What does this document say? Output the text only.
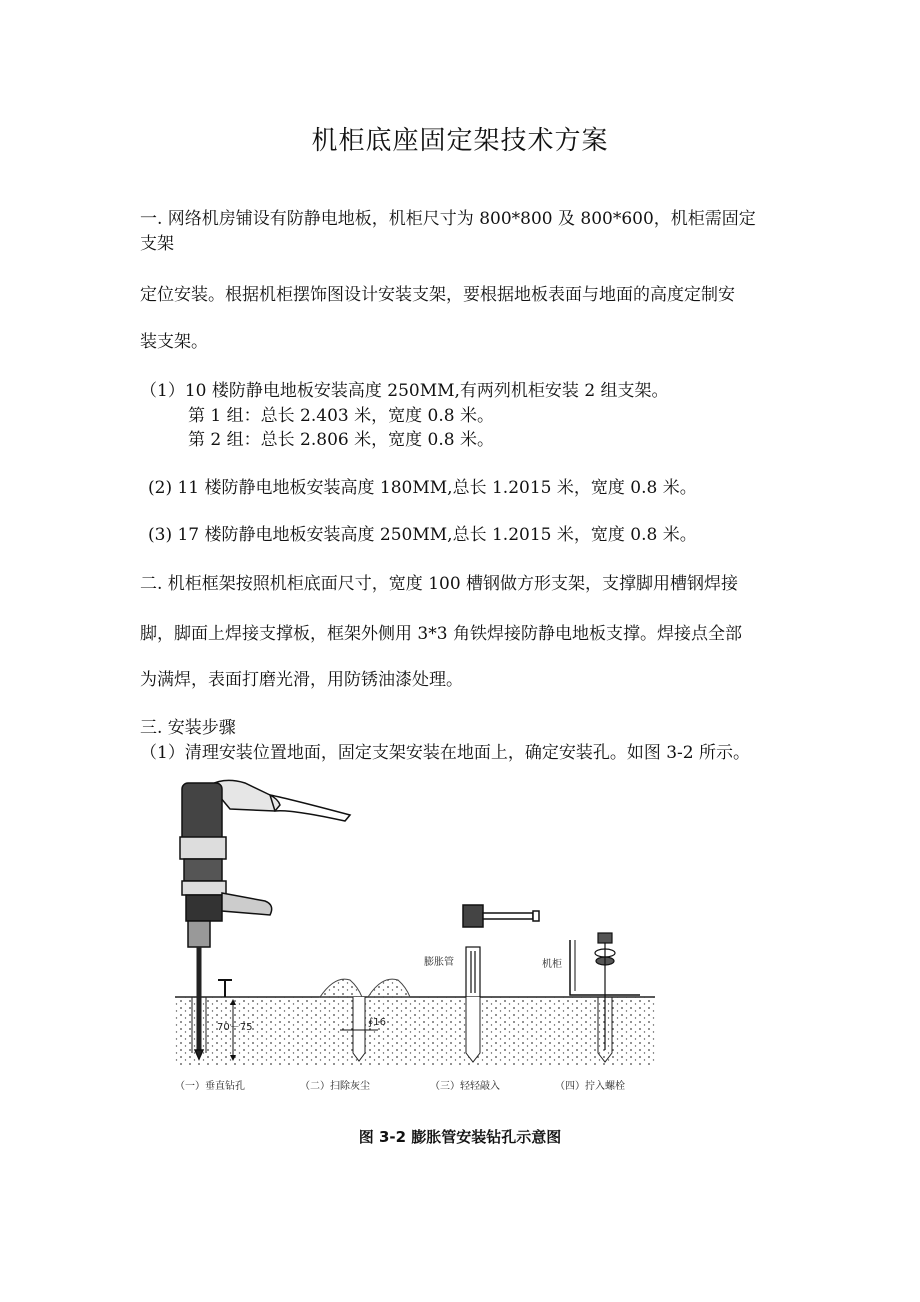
机柜底座固定架技术方案
一. 网络机房铺设有防静电地板，机柜尺寸为 800*800 及 800*600，机柜需固定
支架
定位安装。根据机柜摆饰图设计安装支架，要根据地板表面与地面的高度定制安
装支架。
（1）10 楼防静电地板安装高度 250MM,有两列机柜安装 2 组支架。
第 1 组：总长 2.403 米，宽度 0.8 米。
第 2 组：总长 2.806 米，宽度 0.8 米。
(2) 11 楼防静电地板安装高度 180MM,总长 1.2015 米，宽度 0.8 米。
(3) 17 楼防静电地板安装高度 250MM,总长 1.2015 米，宽度 0.8 米。
二. 机柜框架按照机柜底面尺寸，宽度 100 槽钢做方形支架，支撑脚用槽钢焊接
脚，脚面上焊接支撑板，框架外侧用 3*3 角铁焊接防静电地板支撑。焊接点全部
为满焊，表面打磨光滑，用防锈油漆处理。
三. 安装步骤
（1）清理安装位置地面，固定支架安装在地面上，确定安装孔。如图 3-2 所示。
70－75	∮16
膨胀管	机柜
（一）垂直钻孔	（二）扫除灰尘	（三）轻轻敲入	（四）拧入螺栓
图 3-2 膨胀管安装钻孔示意图
